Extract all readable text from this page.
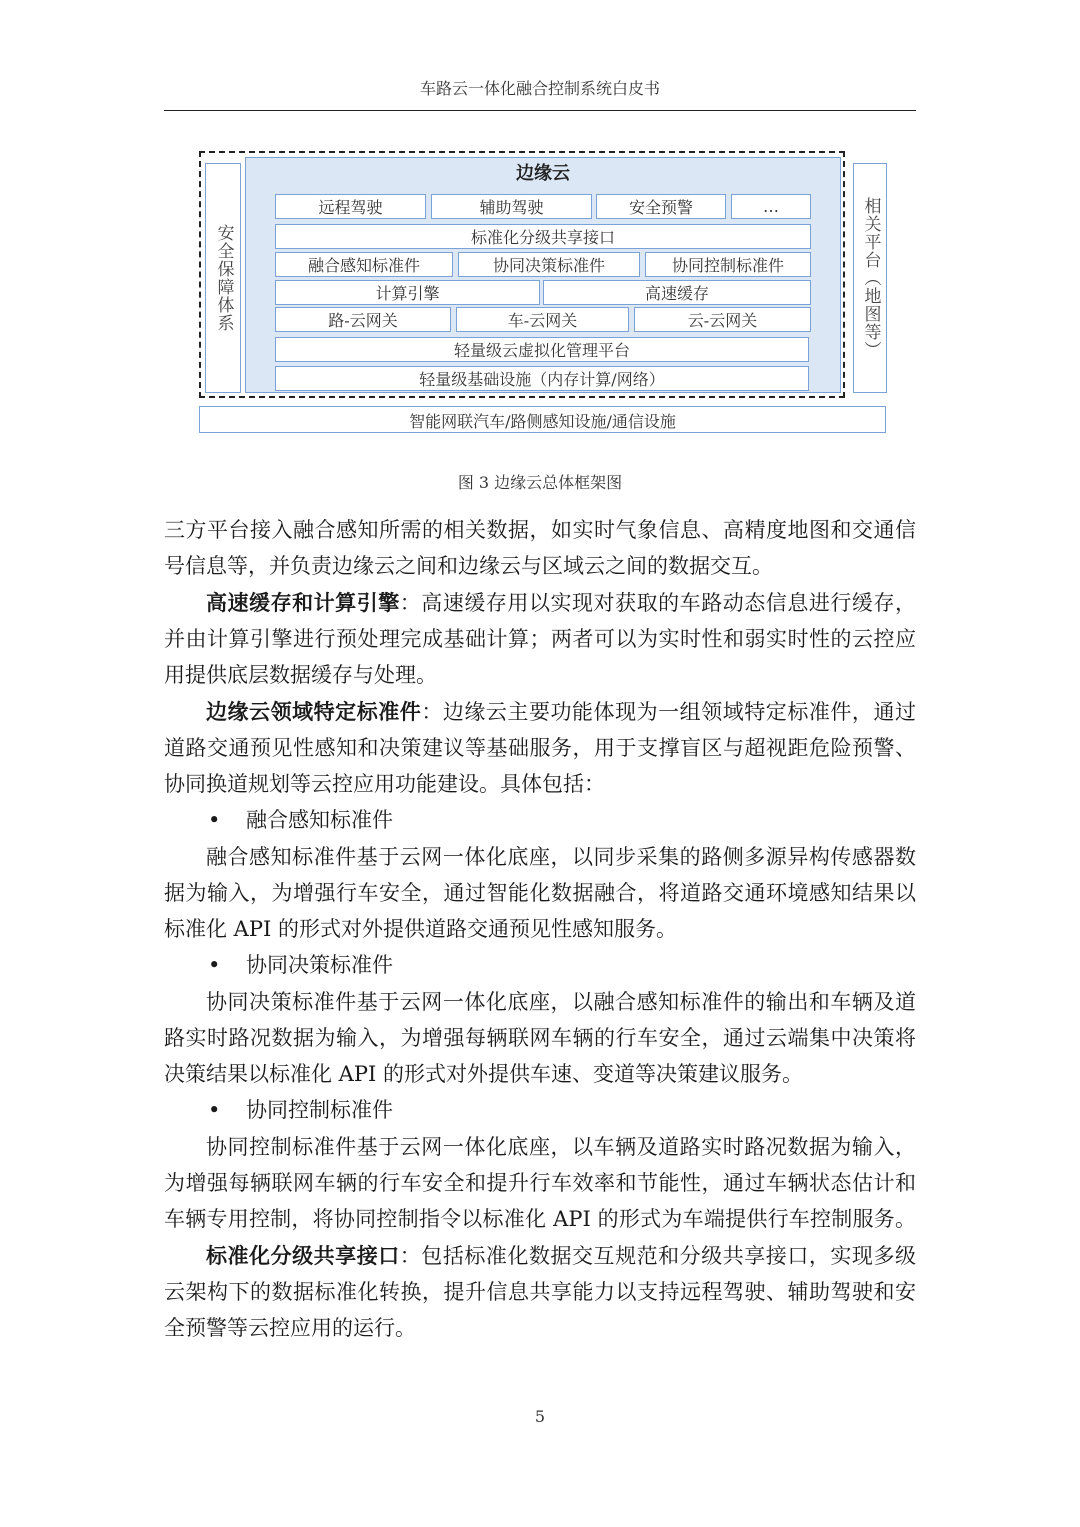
车路云一体化融合控制系统白皮书
安全保障体系
边缘云
远程驾驶	辅助驾驶	安全预警	…
标准化分级共享接口
融合感知标准件	协同决策标准件	协同控制标准件
计算引擎	高速缓存
路-云网关	车-云网关	云-云网关
轻量级云虚拟化管理平台
轻量级基础设施（内存计算/网络）
相关平台（地图等）
智能网联汽车/路侧感知设施/通信设施
图 3 边缘云总体框架图
三方平台接入融合感知所需的相关数据，如实时气象信息、高精度地图和交通信
号信息等，并负责边缘云之间和边缘云与区域云之间的数据交互。
高速缓存和计算引擎：高速缓存用以实现对获取的车路动态信息进行缓存，
并由计算引擎进行预处理完成基础计算；两者可以为实时性和弱实时性的云控应
用提供底层数据缓存与处理。
边缘云领域特定标准件：边缘云主要功能体现为一组领域特定标准件，通过
道路交通预见性感知和决策建议等基础服务，用于支撑盲区与超视距危险预警、
协同换道规划等云控应用功能建设。具体包括：
• 融合感知标准件
融合感知标准件基于云网一体化底座，以同步采集的路侧多源异构传感器数
据为输入，为增强行车安全，通过智能化数据融合，将道路交通环境感知结果以
标准化 API 的形式对外提供道路交通预见性感知服务。
• 协同决策标准件
协同决策标准件基于云网一体化底座，以融合感知标准件的输出和车辆及道
路实时路况数据为输入，为增强每辆联网车辆的行车安全，通过云端集中决策将
决策结果以标准化 API 的形式对外提供车速、变道等决策建议服务。
• 协同控制标准件
协同控制标准件基于云网一体化底座，以车辆及道路实时路况数据为输入，
为增强每辆联网车辆的行车安全和提升行车效率和节能性，通过车辆状态估计和
车辆专用控制，将协同控制指令以标准化 API 的形式为车端提供行车控制服务。
标准化分级共享接口：包括标准化数据交互规范和分级共享接口，实现多级
云架构下的数据标准化转换，提升信息共享能力以支持远程驾驶、辅助驾驶和安
全预警等云控应用的运行。
5
